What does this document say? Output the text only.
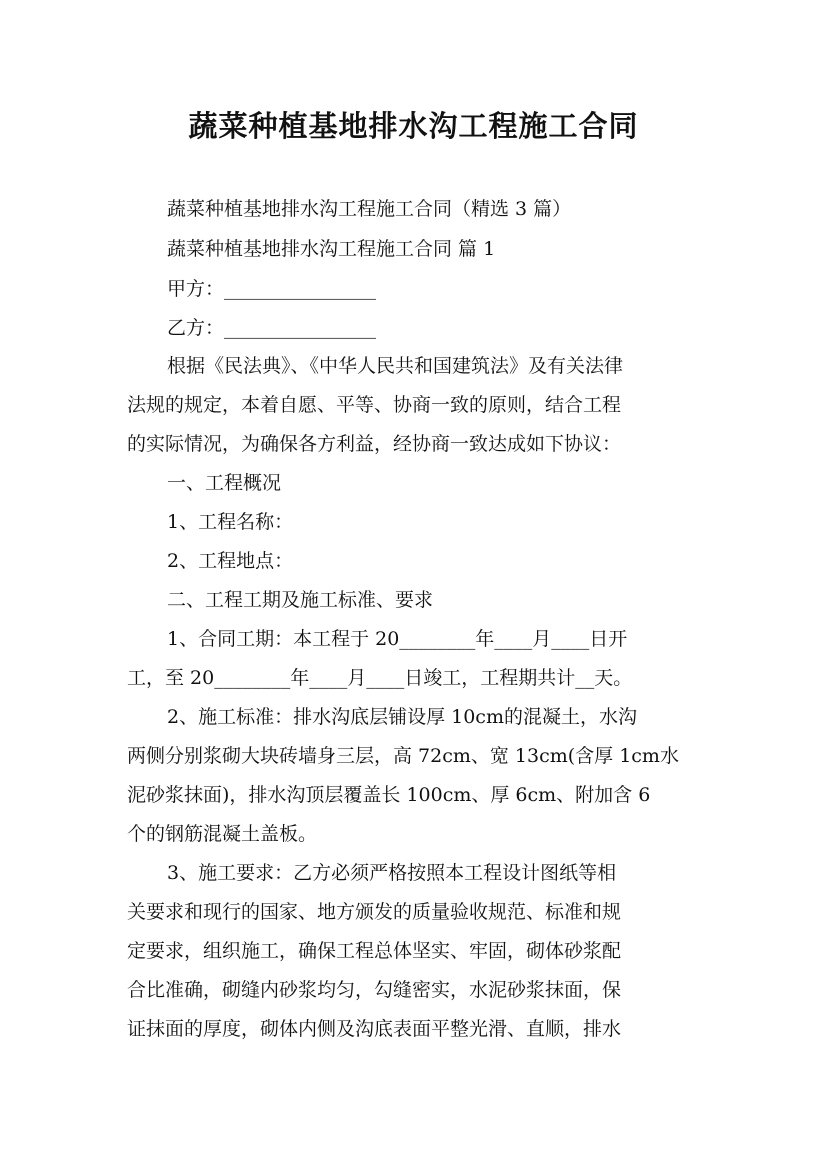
蔬菜种植基地排水沟工程施工合同
蔬菜种植基地排水沟工程施工合同（精选 3 篇）
蔬菜种植基地排水沟工程施工合同 篇 1
甲方：________________
乙方：________________
根据《民法典》、《中华人民共和国建筑法》及有关法律
法规的规定，本着自愿、平等、协商一致的原则，结合工程
的实际情况，为确保各方利益，经协商一致达成如下协议：
一、工程概况
1、工程名称：
2、工程地点：
二、工程工期及施工标准、要求
1、合同工期：本工程于 20________年____月____日开
工，至 20________年____月____日竣工，工程期共计__天。
2、施工标准：排水沟底层铺设厚 10cm的混凝土，水沟
两侧分别浆砌大块砖墙身三层，高 72cm、宽 13cm(含厚 1cm水
泥砂浆抹面)，排水沟顶层覆盖长 100cm、厚 6cm、附加含 6
个的钢筋混凝土盖板。
3、施工要求：乙方必须严格按照本工程设计图纸等相
关要求和现行的国家、地方颁发的质量验收规范、标准和规
定要求，组织施工，确保工程总体坚实、牢固，砌体砂浆配
合比准确，砌缝内砂浆均匀，勾缝密实，水泥砂浆抹面，保
证抹面的厚度，砌体内侧及沟底表面平整光滑、直顺，排水
